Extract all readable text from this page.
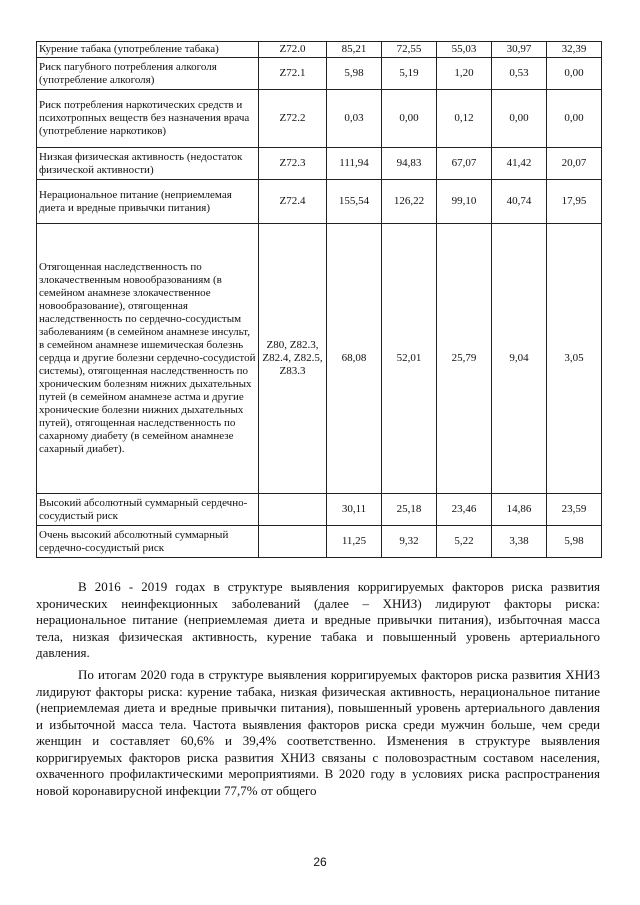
Курение табака (употребление табака)	Z72.0	85,21	72,55	55,03	30,97	32,39
Риск пагубного потребления алкоголя (употребление алкоголя)	Z72.1	5,98	5,19	1,20	0,53	0,00
Риск потребления наркотических средств и психотропных веществ без назначения врача (употребление наркотиков)	Z72.2	0,03	0,00	0,12	0,00	0,00
Низкая физическая активность (недостаток физической активности)	Z72.3	111,94	94,83	67,07	41,42	20,07
Нерациональное питание (неприемлемая диета и вредные привычки питания)	Z72.4	155,54	126,22	99,10	40,74	17,95
Отягощенная наследственность по злокачественным новообразованиям (в семейном анамнезе злокачественное новообразование), отягощенная наследственность по сердечно-сосудистым заболеваниям (в семейном анамнезе инсульт, в семейном анамнезе ишемическая болезнь сердца и другие болезни сердечно-сосудистой системы), отягощенная наследственность по хроническим болезням нижних дыхательных путей (в семейном анамнезе астма и другие хронические болезни нижних дыхательных путей), отягощенная наследственность по сахарному диабету (в семейном анамнезе сахарный диабет).	Z80, Z82.3, Z82.4, Z82.5, Z83.3	68,08	52,01	25,79	9,04	3,05
Высокий абсолютный суммарный сердечно-сосудистый риск		30,11	25,18	23,46	14,86	23,59
Очень высокий абсолютный суммарный сердечно-сосудистый риск		11,25	9,32	5,22	3,38	5,98

В 2016 - 2019 годах в структуре выявления корригируемых факторов риска развития хронических неинфекционных заболеваний (далее – ХНИЗ) лидируют факторы риска: нерациональное питание (неприемлемая диета и вредные привычки питания), избыточная масса тела, низкая физическая активность, курение табака и повышенный уровень артериального давления.

По итогам 2020 года в структуре выявления корригируемых факторов риска развития ХНИЗ лидируют факторы риска: курение табака, низкая физическая активность, нерациональное питание (неприемлемая диета и вредные привычки питания), повышенный уровень артериального давления и избыточной масса тела. Частота выявления факторов риска среди мужчин больше, чем среди женщин и составляет 60,6% и 39,4% соответственно. Изменения в структуре выявления корригируемых факторов риска развития ХНИЗ связаны с половозрастным составом населения, охваченного профилактическими мероприятиями. В 2020 году в условиях риска распространения новой коронавирусной инфекции 77,7% от общего

26
